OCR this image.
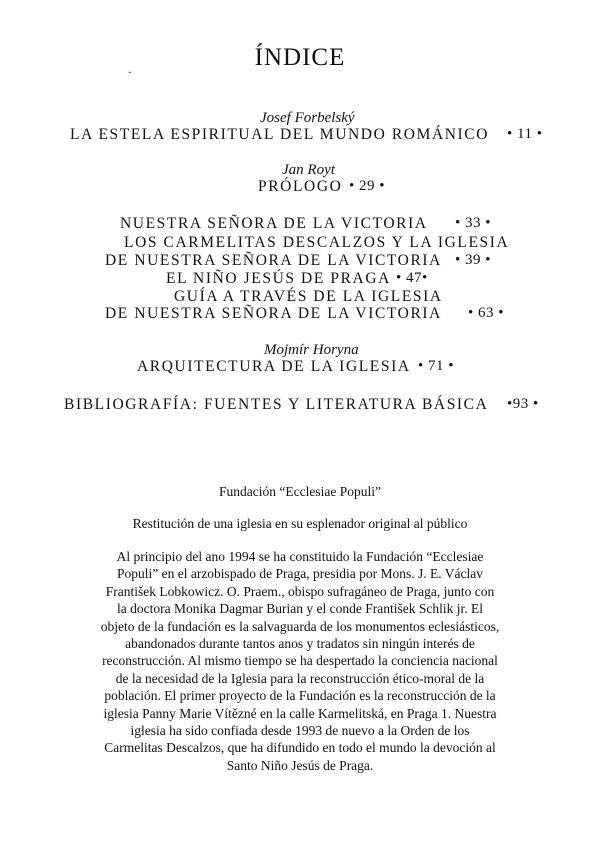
ÍNDICE
ˇ
Josef Forbelský
LA ESTELA ESPIRITUAL DEL MUNDO ROMÁNICO • 11 •
Jan Royt
PRÓLOGO • 29 •
NUESTRA SEÑORA DE LA VICTORIA • 33 •
LOS CARMELITAS DESCALZOS Y LA IGLESIA
DE NUESTRA SEÑORA DE LA VICTORIA • 39 •
EL NIÑO JESÚS DE PRAGA • 47•
GUÍA A TRAVÉS DE LA IGLESIA
DE NUESTRA SEÑORA DE LA VICTORIA • 63 •
Mojmír Horyna
ARQUITECTURA DE LA IGLESIA • 71 •
BIBLIOGRAFÍA: FUENTES Y LITERATURA BÁSICA •93 •
Fundación “Ecclesiae Populi”
Restitución de una iglesia en su esplenador original al público
Al principio del ano 1994 se ha constituido la Fundación “Ecclesiae Populi” en el arzobispado de Praga, presidia por Mons. J. E. Václav František Lobkowicz. O. Praem., obispo sufragáneo de Praga, junto con la doctora Monika Dagmar Burian y el conde František Schlik jr. El objeto de la fundación es la salvaguarda de los monumentos eclesiásticos, abandonados durante tantos anos y tradatos sin ningún interés de reconstrucción. Al mismo tiempo se ha despertado la conciencia nacional de la necesidad de la Iglesia para la reconstrucción ético-moral de la población. El primer proyecto de la Fundación es la reconstrucción de la iglesia Panny Marie Vítězné en la calle Karmelitská, en Praga 1. Nuestra iglesia ha sido confiada desde 1993 de nuevo a la Orden de los Carmelitas Descalzos, que ha difundido en todo el mundo la devoción al Santo Niño Jesús de Praga.
